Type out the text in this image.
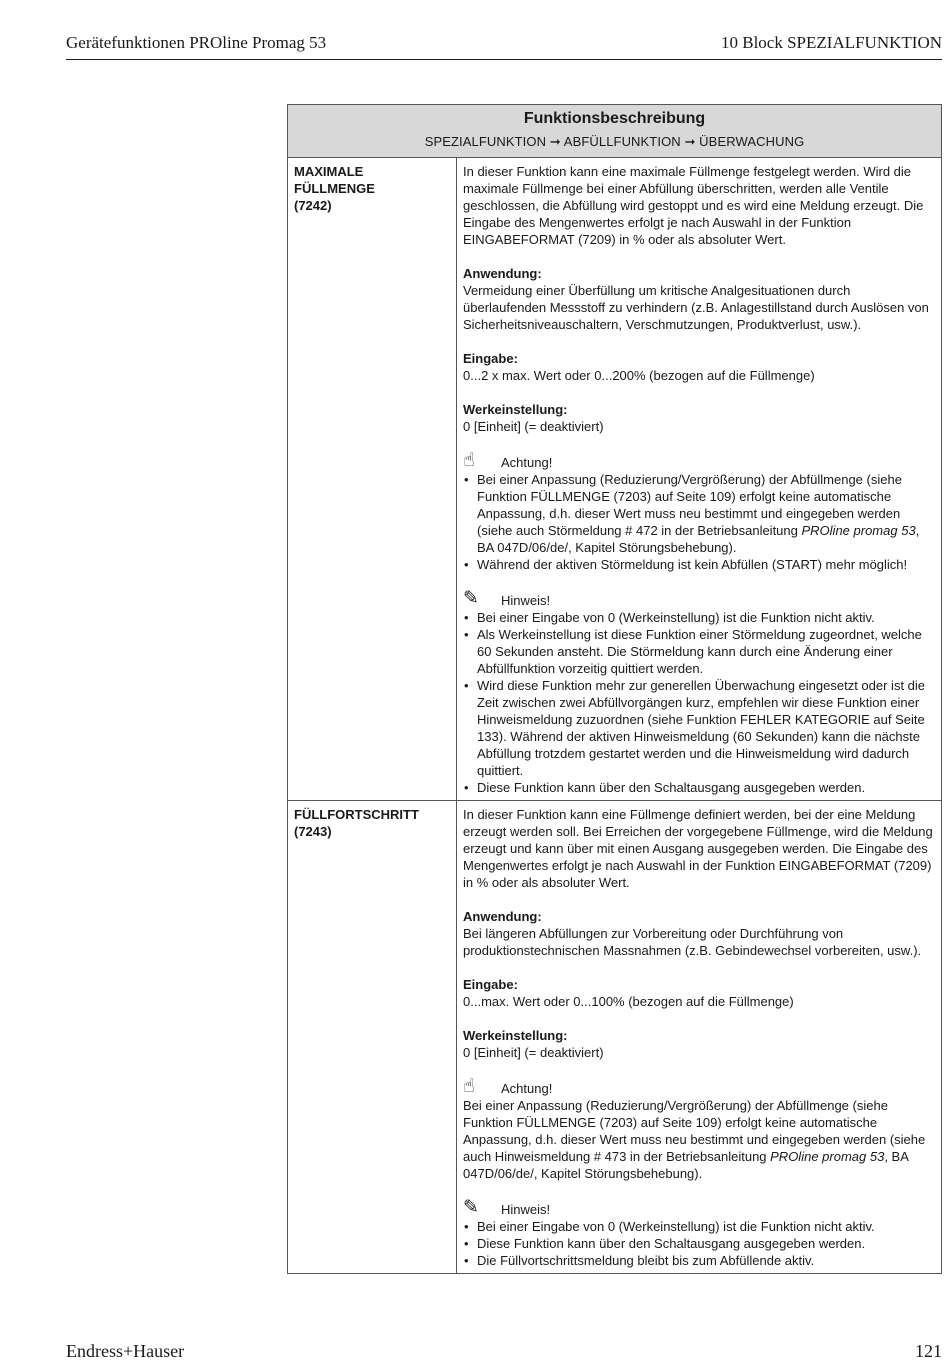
Gerätefunktionen PROline Promag 53	10 Block SPEZIALFUNKTION
Funktionsbeschreibung
SPEZIALFUNKTION ➞ ABFÜLLFUNKTION ➞ ÜBERWACHUNG
MAXIMALE
FÜLLMENGE
(7242)

In dieser Funktion kann eine maximale Füllmenge festgelegt werden. Wird die maximale Füllmenge bei einer Abfüllung überschritten, werden alle Ventile geschlossen, die Abfüllung wird gestoppt und es wird eine Meldung erzeugt. Die Eingabe des Mengenwertes erfolgt je nach Auswahl in der Funktion EINGABEFORMAT (7209) in % oder als absoluter Wert.

Anwendung:

Vermeidung einer Überfüllung um kritische Analgesituationen durch überlaufenden Messstoff zu verhindern (z.B. Anlagestillstand durch Auslösen von Sicherheitsniveauschaltern, Verschmutzungen, Produktverlust, usw.).

Eingabe:

0...2 x max. Wert oder 0...200% (bezogen auf die Füllmenge)

Werkeinstellung:

0 [Einheit] (= deaktiviert)

☝	Achtung!
• Bei einer Anpassung (Reduzierung/Vergrößerung) der Abfüllmenge (siehe Funktion FÜLLMENGE (7203) auf Seite 109) erfolgt keine automatische Anpassung, d.h. dieser Wert muss neu bestimmt und eingegeben werden (siehe auch Störmeldung # 472 in der Betriebsanleitung PROline promag 53, BA 047D/06/de/, Kapitel Störungsbehebung).
• Während der aktiven Störmeldung ist kein Abfüllen (START) mehr möglich!
✎	Hinweis!
• Bei einer Eingabe von 0 (Werkeinstellung) ist die Funktion nicht aktiv.
• Als Werkeinstellung ist diese Funktion einer Störmeldung zugeordnet, welche 60 Sekunden ansteht. Die Störmeldung kann durch eine Änderung einer Abfüllfunktion vorzeitig quittiert werden.
• Wird diese Funktion mehr zur generellen Überwachung eingesetzt oder ist die Zeit zwischen zwei Abfüllvorgängen kurz, empfehlen wir diese Funktion einer Hinweismeldung zuzuordnen (siehe Funktion FEHLER KATEGORIE auf Seite 133). Während der aktiven Hinweismeldung (60 Sekunden) kann die nächste Abfüllung trotzdem gestartet werden und die Hinweismeldung wird dadurch quittiert.
• Diese Funktion kann über den Schaltausgang ausgegeben werden.
FÜLLFORTSCHRITT
(7243)

In dieser Funktion kann eine Füllmenge definiert werden, bei der eine Meldung erzeugt werden soll. Bei Erreichen der vorgegebene Füllmenge, wird die Meldung erzeugt und kann über mit einen Ausgang ausgegeben werden. Die Eingabe des Mengenwertes erfolgt je nach Auswahl in der Funktion EINGABEFORMAT (7209) in % oder als absoluter Wert.

Anwendung:

Bei längeren Abfüllungen zur Vorbereitung oder Durchführung von produktionstechnischen Massnahmen (z.B. Gebindewechsel vorbereiten, usw.).

Eingabe:

0...max. Wert oder 0...100% (bezogen auf die Füllmenge)

Werkeinstellung:

0 [Einheit] (= deaktiviert)

☝	Achtung!

Bei einer Anpassung (Reduzierung/Vergrößerung) der Abfüllmenge (siehe Funktion FÜLLMENGE (7203) auf Seite 109) erfolgt keine automatische Anpassung, d.h. dieser Wert muss neu bestimmt und eingegeben werden (siehe auch Hinweismeldung # 473 in der Betriebsanleitung PROline promag 53, BA 047D/06/de/, Kapitel Störungsbehebung).

✎	Hinweis!
• Bei einer Eingabe von 0 (Werkeinstellung) ist die Funktion nicht aktiv.
• Diese Funktion kann über den Schaltausgang ausgegeben werden.
• Die Füllvortschrittsmeldung bleibt bis zum Abfüllende aktiv.
Endress+Hauser	121
